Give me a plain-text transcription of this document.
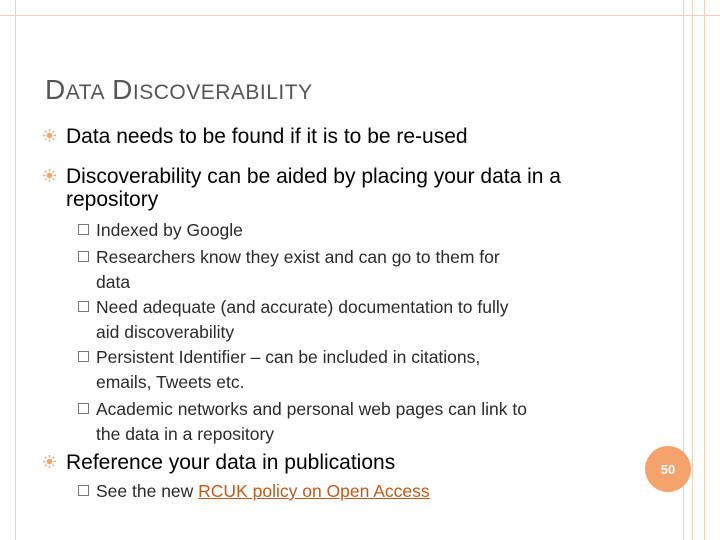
DATA DISCOVERABILITY
Data needs to be found if it is to be re-used
Discoverability can be aided by placing your data in a repository
Indexed by Google
Researchers know they exist and can go to them for
data
Need adequate (and accurate) documentation to fully
aid discoverability
Persistent Identifier – can be included in citations,
emails, Tweets etc.
Academic networks and personal web pages can link to
the data in a repository
Reference your data in publications
See the new RCUK policy on Open Access
50
